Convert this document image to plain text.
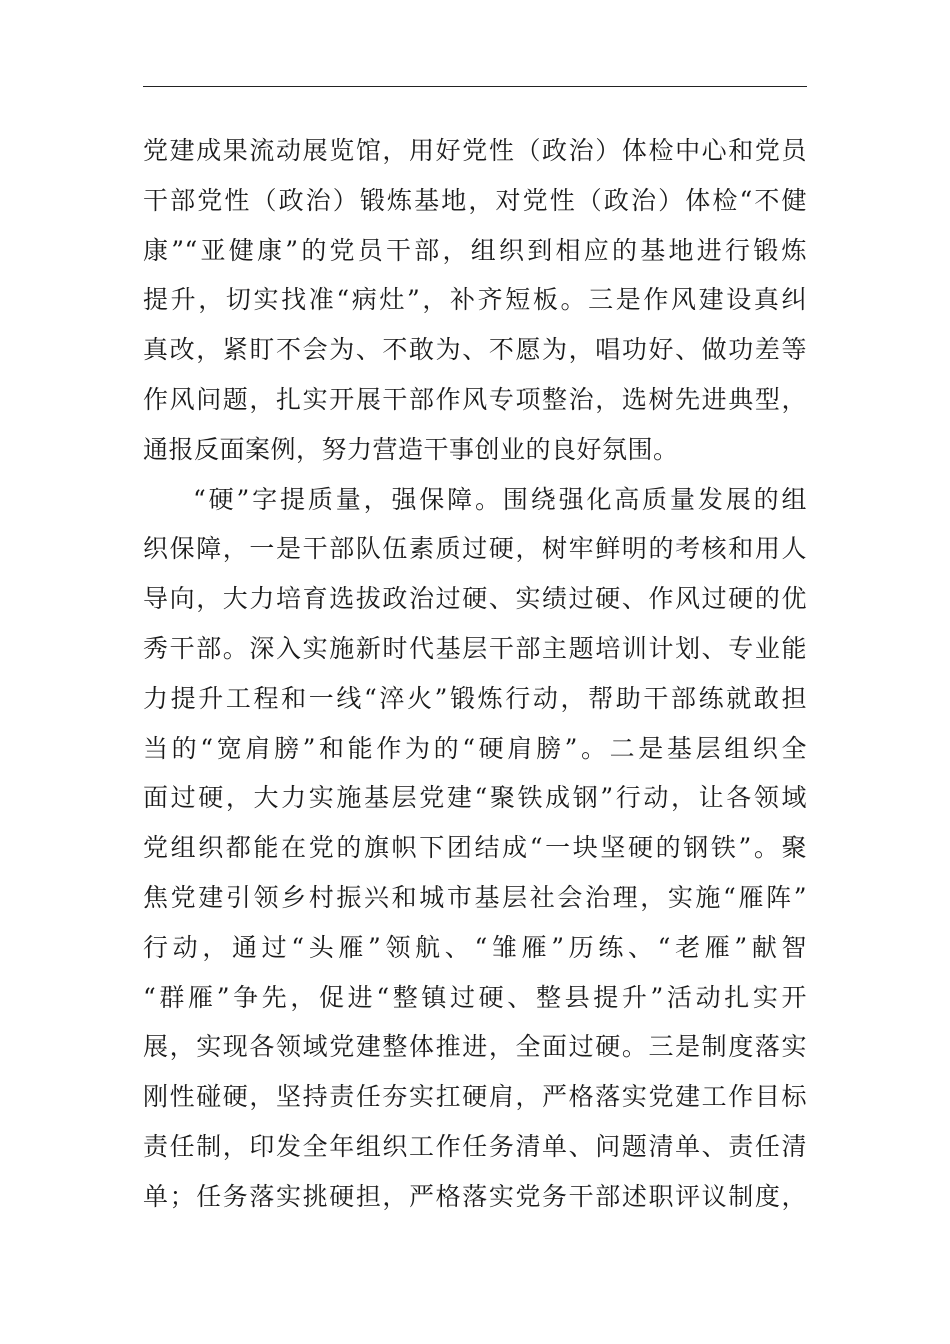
党建成果流动展览馆，用好党性（政治）体检中心和党员
干部党性（政治）锻炼基地，对党性（政治）体检“不健
康”“亚健康”的党员干部，组织到相应的基地进行锻炼
提升，切实找准“病灶”，补齐短板。三是作风建设真纠
真改，紧盯不会为、不敢为、不愿为，唱功好、做功差等
作风问题，扎实开展干部作风专项整治，选树先进典型，
通报反面案例，努力营造干事创业的良好氛围。
“硬”字提质量，强保障。围绕强化高质量发展的组
织保障，一是干部队伍素质过硬，树牢鲜明的考核和用人
导向，大力培育选拔政治过硬、实绩过硬、作风过硬的优
秀干部。深入实施新时代基层干部主题培训计划、专业能
力提升工程和一线“淬火”锻炼行动，帮助干部练就敢担
当的“宽肩膀”和能作为的“硬肩膀”。二是基层组织全
面过硬，大力实施基层党建“聚铁成钢”行动，让各领域
党组织都能在党的旗帜下团结成“一块坚硬的钢铁”。聚
焦党建引领乡村振兴和城市基层社会治理，实施“雁阵”
行动，通过“头雁”领航、“雏雁”历练、“老雁”献智
“群雁”争先，促进“整镇过硬、整县提升”活动扎实开
展，实现各领域党建整体推进，全面过硬。三是制度落实
刚性碰硬，坚持责任夯实扛硬肩，严格落实党建工作目标
责任制，印发全年组织工作任务清单、问题清单、责任清
单；任务落实挑硬担，严格落实党务干部述职评议制度，
